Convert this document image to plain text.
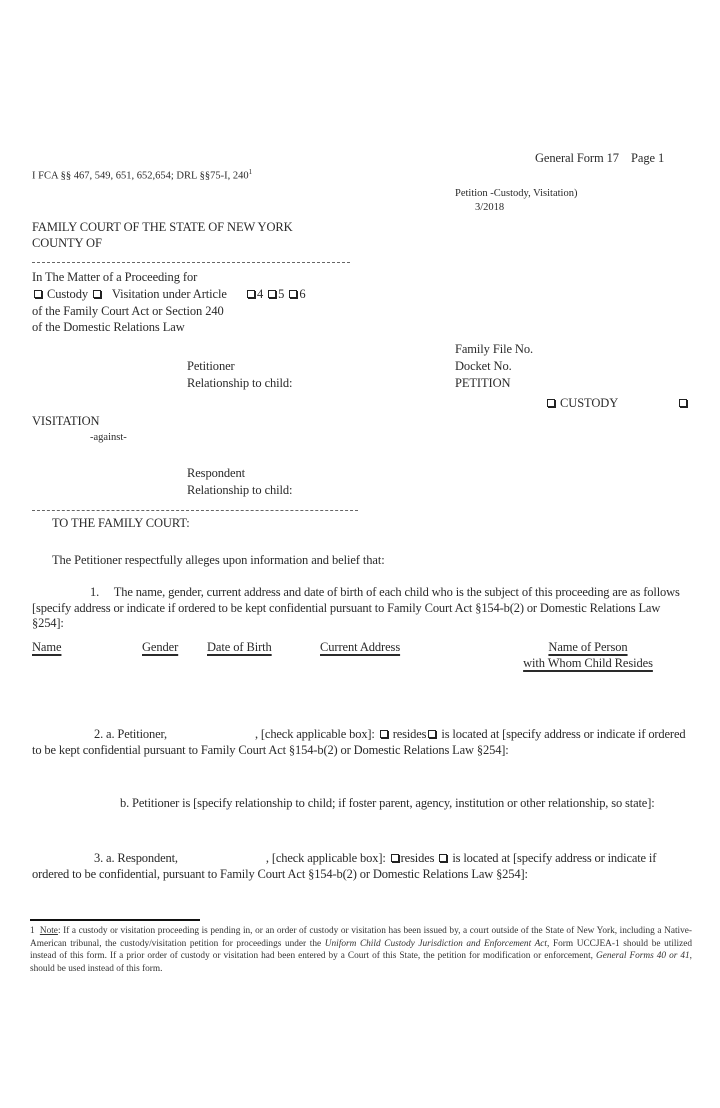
General Form 17 Page 1
I FCA §§ 467, 549, 651, 652,654; DRL §§75-I, $240^1$
Petition -Custody, Visitation)
3/2018
FAMILY COURT OF THE STATE OF NEW YORK
COUNTY OF
In The Matter of a Proceeding for
Custody Visitation under Article 4 5 6
of the Family Court Act or Section 240
of the Domestic Relations Law
Petitioner
Relationship to child:
Family File No.
Docket No.
PETITION
CUSTODY
VISITATION
-against-
Respondent
Relationship to child:
TO THE FAMILY COURT:
The Petitioner respectfully alleges upon information and belief that:
1. The name, gender, current address and date of birth of each child who is the subject of this proceeding are as follows [specify address or indicate if ordered to be kept confidential pursuant to Family Court Act §154-b(2) or Domestic Relations Law §254]:
Name	Gender Date of Birth	Current Address	Name of Person
with Whom Child Resides
2. a. Petitioner,	, [check applicable box]: resides is located at [specify address or indicate if ordered to be kept confidential pursuant to Family Court Act §154-b(2) or Domestic Relations Law §254]:
b. Petitioner is [specify relationship to child; if foster parent, agency, institution or other relationship, so state]:
3. a. Respondent,	, [check applicable box]: resides is located at [specify address or indicate if ordered to be confidential, pursuant to Family Court Act §154-b(2) or Domestic Relations Law §254]:
1 Note: If a custody or visitation proceeding is pending in, or an order of custody or visitation has been issued by, a court outside of the State of New York, including a Native-American tribunal, the custody/visitation petition for proceedings under the Uniform Child Custody Jurisdiction and Enforcement Act, Form UCCJEA-1 should be utilized instead of this form. If a prior order of custody or visitation had been entered by a Court of this State, the petition for modification or enforcement, General Forms 40 or 41, should be used instead of this form.
